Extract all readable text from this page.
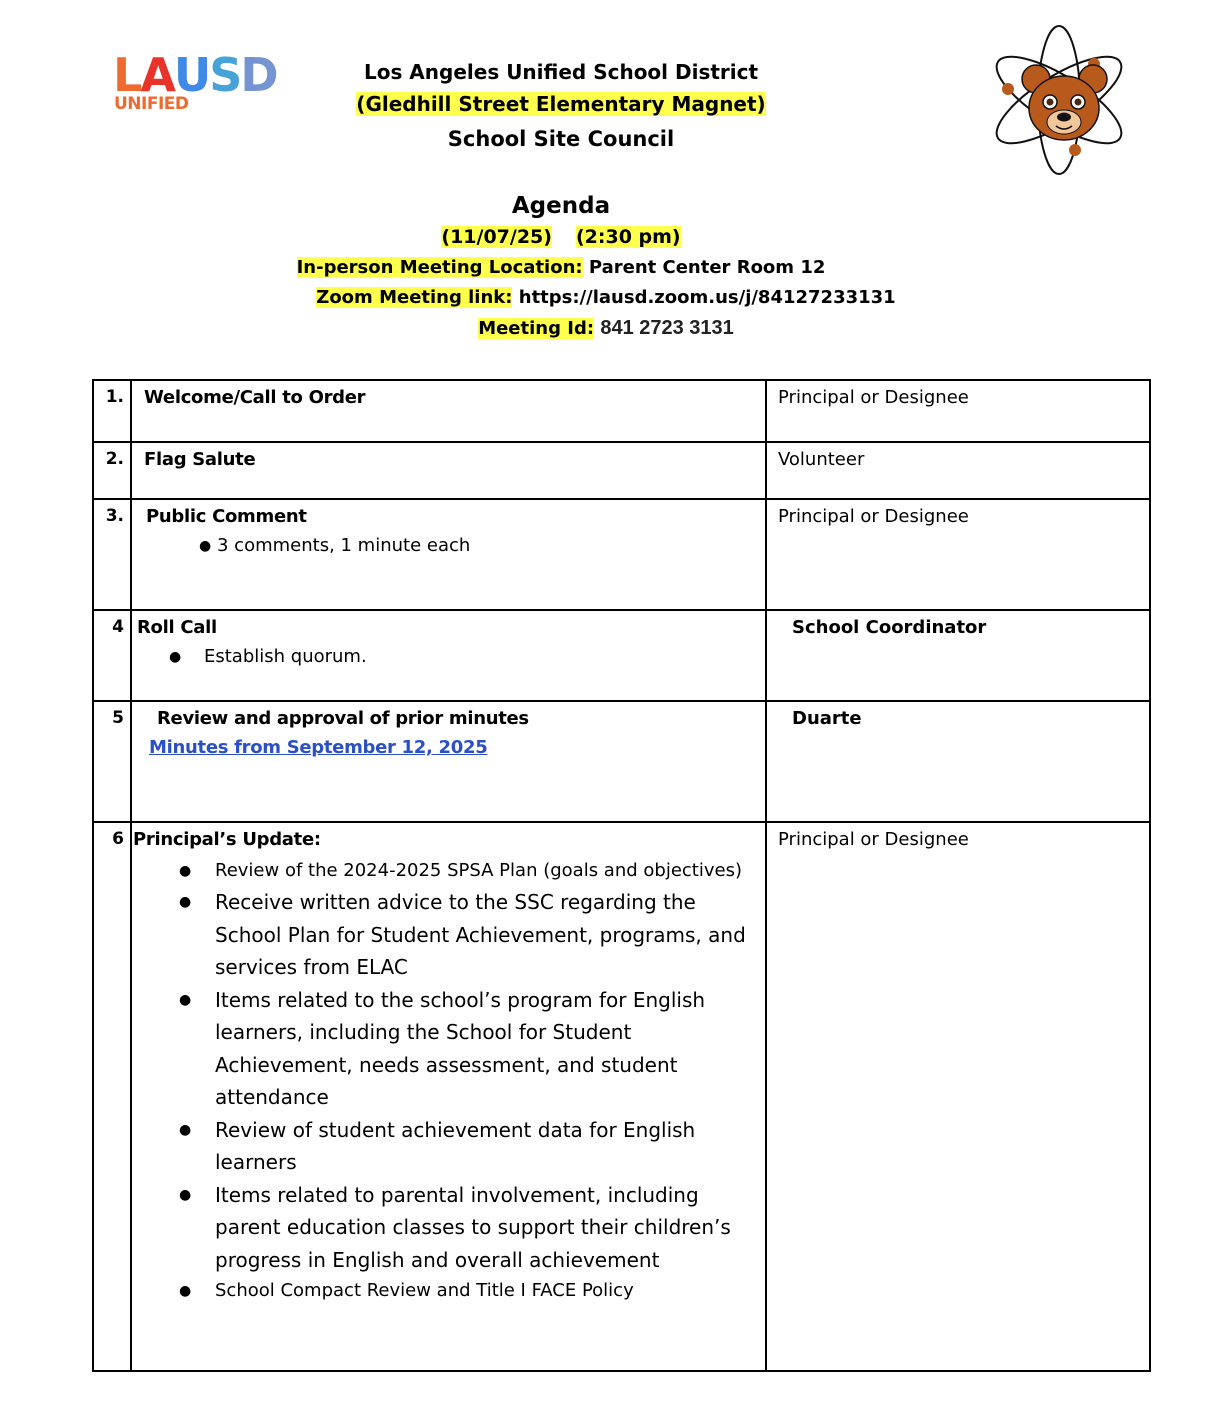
LAUSD
UNIFIED
Los Angeles Unified School District
(Gledhill Street Elementary Magnet)
School Site Council
Agenda
(11/07/25) (2:30 pm)
In-person Meeting Location: Parent Center Room 12
Zoom Meeting link: https://lausd.zoom.us/j/84127233131
Meeting Id: 841 2723 3131
1.	Welcome/Call to Order	Principal or Designee
2.	Flag Salute	Volunteer
3.	Public Comment
● 3 comments, 1 minute each
	Principal or Designee
4	Roll Call
● Establish quorum.
	School Coordinator
5	Review and approval of prior minutes
Minutes from September 12, 2025	Duarte
6	Principal’s Update:
● Review of the 2024-2025 SPSA Plan (goals and objectives)
● Receive written advice to the SSC regarding the School Plan for Student Achievement, programs, and services from ELAC
● Items related to the school’s program for English learners, including the School for Student Achievement, needs assessment, and student attendance
● Review of student achievement data for English learners
● Items related to parental involvement, including parent education classes to support their children’s progress in English and overall achievement
● School Compact Review and Title I FACE Policy
	Principal or Designee
